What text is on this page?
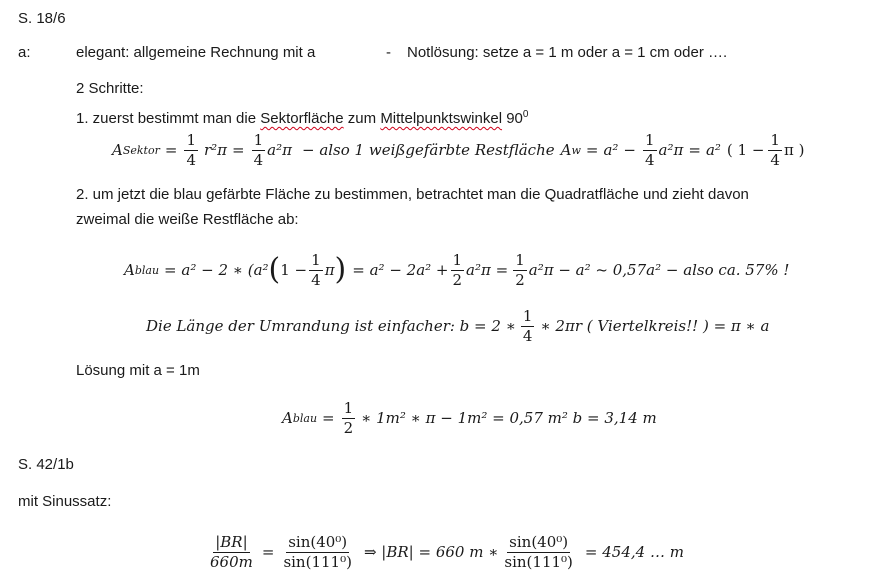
S. 18/6
a:	elegant: allgemeine Rechnung mit a	- Notlösung: setze a = 1 m oder a = 1 cm oder ….
2 Schritte:
1. zuerst bestimmt man die Sektorfläche zum Mittelpunktswinkel $90^0$
A Sektor = $\frac{1}{4} r^2\pi = \frac{1}{4} a^2\pi$ − also 1 weißgefärbte Restfläche A $w = a^2 - \frac{1}{4} a^2\pi = a^2$ ( $1 - \frac{1}{4}$ π )
2. um jetzt die blau gefärbte Fläche zu bestimmen, betrachtet man die Quadratfläche und zieht davon
zweimal die weiße Restfläche ab:
A blau = a² − 2 ∗ (a² ( $1 - \frac{1}{4}$ π ) = $a^2 - 2a^2 + \frac{1}{2} a^2\pi = \frac{1}{2} a^2\pi - a^2$ ~ 0,57a² − also ca. 57% !
Die Länge der Umrandung ist einfacher: b = 2 ∗ $\frac{1}{4}$ ∗ 2πr ( Viertelkreis!! ) = π ∗ a
Lösung mit a = 1m
A blau = $\frac{1}{2}$ ∗ 1m² ∗ π − 1m² = 0,57 m² b = 3,14 m
S. 42/1b
mit Sinussatz:
$\frac{|BR|}{660m} = \frac{\text{sin(40⁰)}}{\text{sin(111⁰)}}$ ⇒ |BR| = 660 m ∗ $\frac{\text{sin(40⁰)}}{\text{sin(111⁰)}} = 454,4$ … m
